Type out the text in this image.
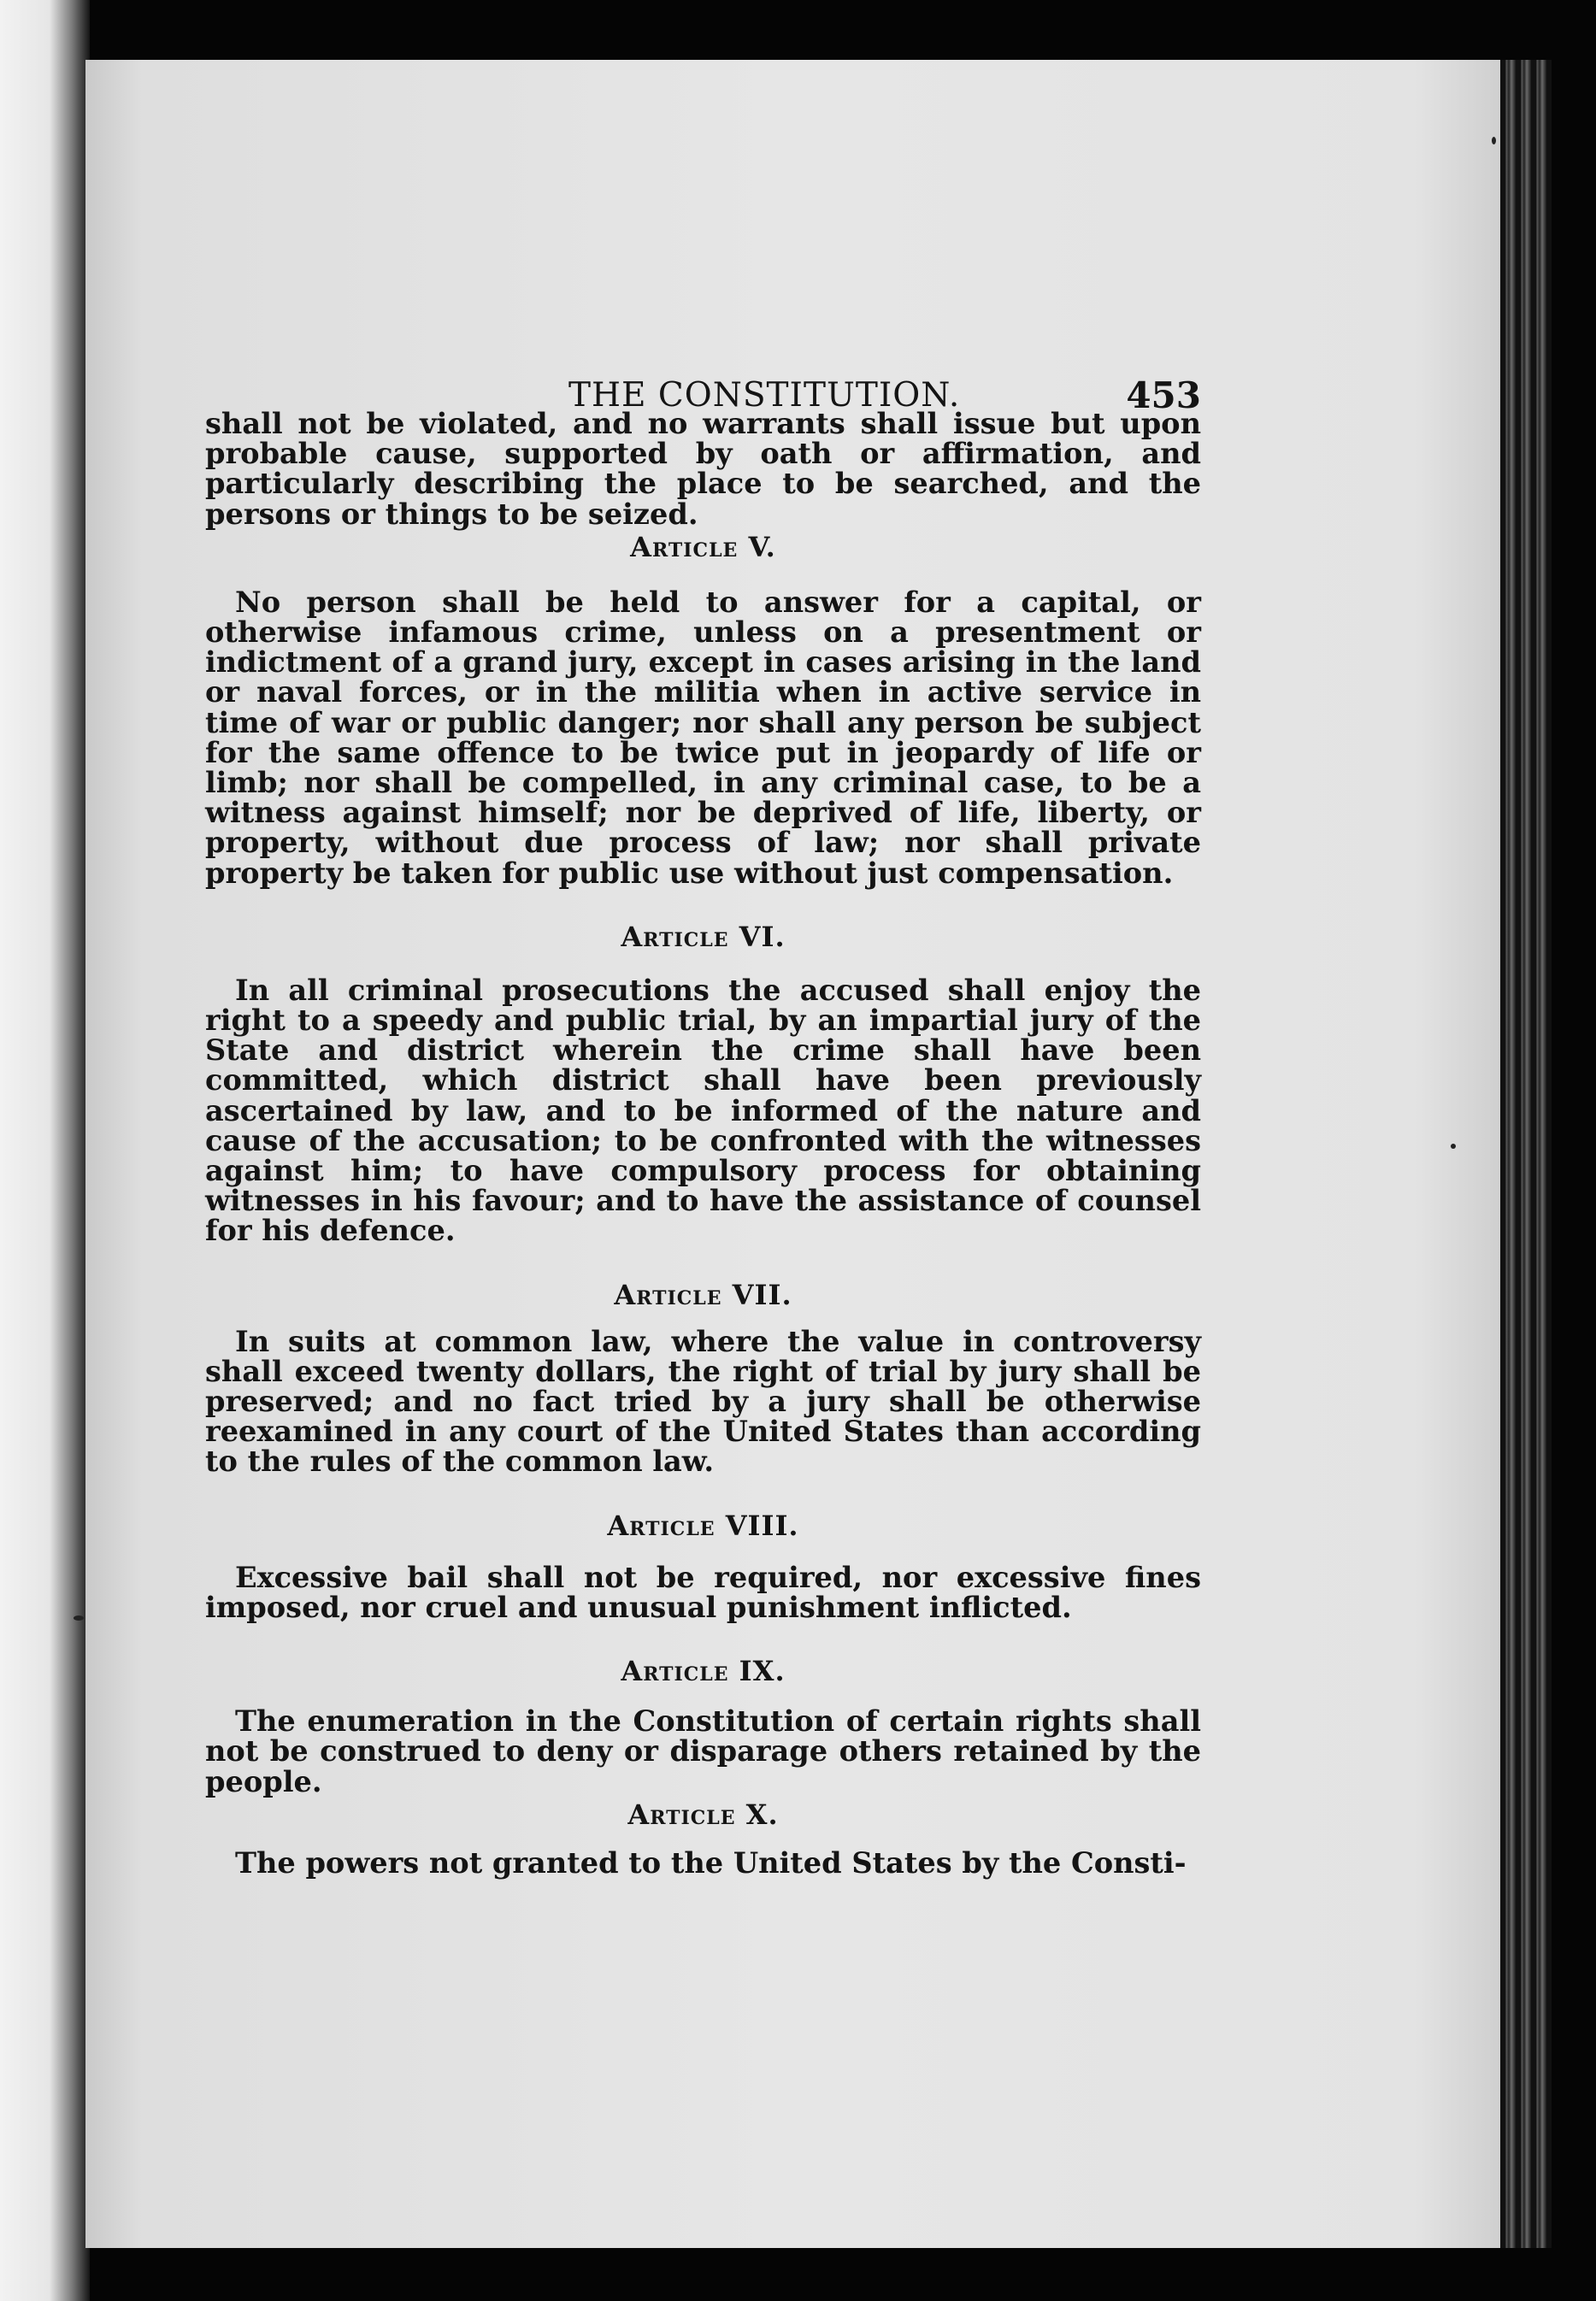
THE CONSTITUTION.	453

shall not be violated, and no warrants shall issue but upon probable cause, supported by oath or affirmation, and particularly describing the place to be searched, and the persons or things to be seized.

Article V.

No person shall be held to answer for a capital, or otherwise infamous crime, unless on a presentment or indictment of a grand jury, except in cases arising in the land or naval forces, or in the militia when in active service in time of war or public danger; nor shall any person be subject for the same offence to be twice put in jeopardy of life or limb; nor shall be compelled, in any criminal case, to be a witness against himself; nor be deprived of life, liberty, or property, without due process of law; nor shall private property be taken for public use without just compensation.

Article VI.

In all criminal prosecutions the accused shall enjoy the right to a speedy and public trial, by an impartial jury of the State and district wherein the crime shall have been committed, which district shall have been previously ascertained by law, and to be informed of the nature and cause of the accusation; to be confronted with the witnesses against him; to have compulsory process for obtaining witnesses in his favour; and to have the assistance of counsel for his defence.

Article VII.

In suits at common law, where the value in controversy shall exceed twenty dollars, the right of trial by jury shall be preserved; and no fact tried by a jury shall be otherwise reexamined in any court of the United States than according to the rules of the common law.

Article VIII.

Excessive bail shall not be required, nor excessive fines imposed, nor cruel and unusual punishment inflicted.

Article IX.

The enumeration in the Constitution of certain rights shall not be construed to deny or disparage others retained by the people.

Article X.

The powers not granted to the United States by the Consti-
